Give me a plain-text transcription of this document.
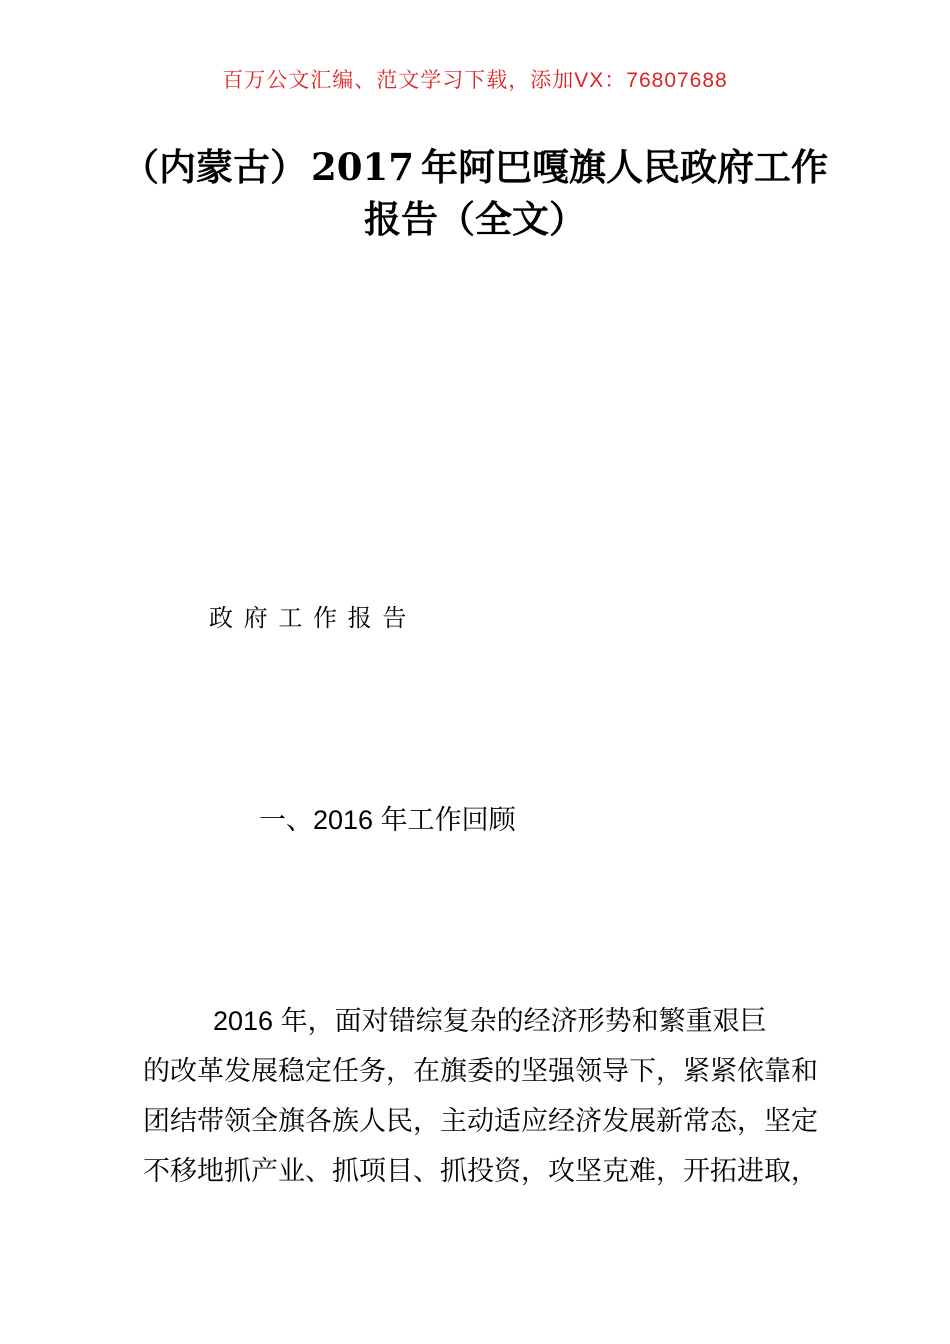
百万公文汇编、范文学习下载，添加VX：76807688
（内蒙古） 2017 年阿巴嘎旗人民政府工作
报告（全文）
政 府 工 作 报 告
一、2016 年工作回顾
2016 年，面对错综复杂的经济形势和繁重艰巨
的改革发展稳定任务，在旗委的坚强领导下，紧紧依靠和
团结带领全旗各族人民，主动适应经济发展新常态，坚定
不移地抓产业、抓项目、抓投资，攻坚克难，开拓进取，
